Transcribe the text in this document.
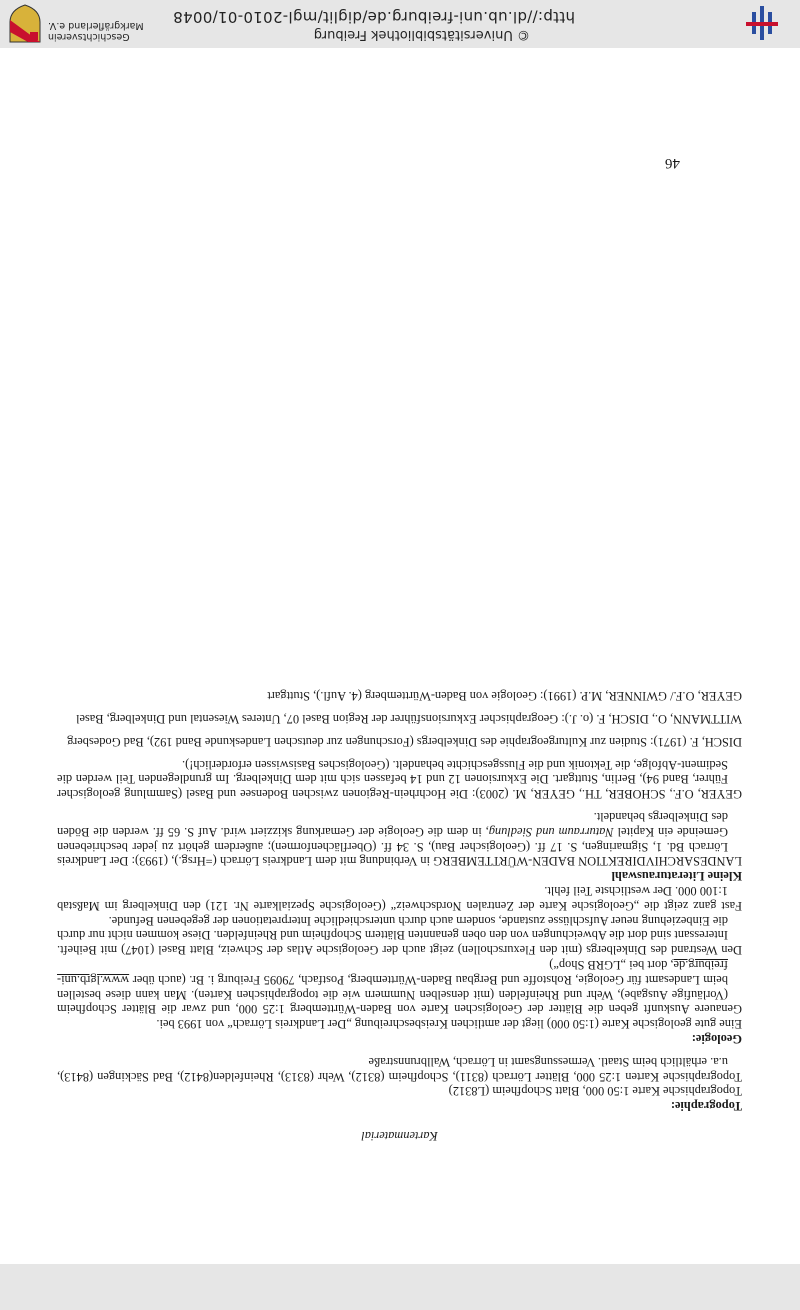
© Universitätsbibliothek Freiburg
http://dl.ub.uni-freiburg.de/diglit/mgl-2010-01/0048
Geschichtsverein
Markgräflerland e.V.
Kartenmaterial
Topographie:

Topographische Karte 1:50 000, Blatt Schopfheim (L8312)

Topographische Karten 1:25 000, Blätter Lörrach (8311), Schopfheim (8312), Wehr (8313), Rheinfelden(8412), Bad Säckingen (8413), u.a. erhältlich beim Staatl. Vermessungsamt in Lörrach, Wallbrunnstraße

Geologie:

Eine gute geologische Karte (1:50 000) liegt der amtlichen Kreisbeschreibung „Der Landkreis Lörrach“ von 1993 bei.

Genauere Auskunft geben die Blätter der Geologischen Karte von Baden-Württemberg 1:25 000, und zwar die Blätter Schopfheim (Vorläufige Ausgabe), Wehr und Rheinfelden (mit denselben Nummern wie die topographischen Karten). Man kann diese bestellen beim Landesamt für Geologie, Rohstoffe und Bergbau Baden-Württemberg, Postfach, 79095 Freiburg i. Br. (auch über www.lgrb.uni-freiburg.de, dort bei „LGRB Shop“)

Den Westrand des Dinkelbergs (mit den Flexurschollen) zeigt auch der Geologische Atlas der Schweiz, Blatt Basel (1047) mit Beiheft. Interessant sind dort die Abweichungen von den oben genannten Blättern Schopfheim und Rheinfelden. Diese kommen nicht nur durch die Einbeziehung neuer Aufschlüsse zustande, sondern auch durch unterschiedliche Interpretationen der gegebenen Befunde.

Fast ganz zeigt die „Geologische Karte der Zentralen Nordschweiz“ (Geologische Spezialkarte Nr. 121) den Dinkelberg im Maßstab 1:100 000. Der westlichste Teil fehlt.

Kleine Literaturauswahl

LANDESARCHIVDIREKTION BADEN-WÜRTTEMBERG in Verbindung mit dem Landkreis Lörrach (=Hrsg.), (1993): Der Landkreis Lörrach Bd. 1, Sigmaringen, S. 17 ff. (Geologischer Bau), S. 34 ff. (Oberflächenformen); außerdem gehört zu jeder beschriebenen Gemeinde ein Kapitel Naturraum und Siedlung, in dem die Geologie der Gemarkung skizziert wird. Auf S. 65 ff. werden die Böden des Dinkelbergs behandelt.

GEYER, O.F., SCHOBER, TH., GEYER, M. (2003): Die Hochrhein-Regionen zwischen Bodensee und Basel (Sammlung geologischer Führer, Band 94), Berlin, Stuttgart. Die Exkursionen 12 und 14 befassen sich mit dem Dinkelberg. Im grundlegenden Teil werden die Sediment-Abfolge, die Tektonik und die Flussgeschichte behandelt. (Geologisches Basiswissen erforderlich!).

DISCH, F. (1971): Studien zur Kulturgeographie des Dinkelbergs (Forschungen zur deutschen Landeskunde Band 192), Bad Godesberg

WITTMANN, O., DISCH, F. (o. J.): Geographischer Exkursionsführer der Region Basel 07, Unteres Wiesental und Dinkelberg, Basel

GEYER, O.F./ GWINNER, M.P. (1991): Geologie von Baden-Württemberg (4. Aufl.), Stuttgart

46
